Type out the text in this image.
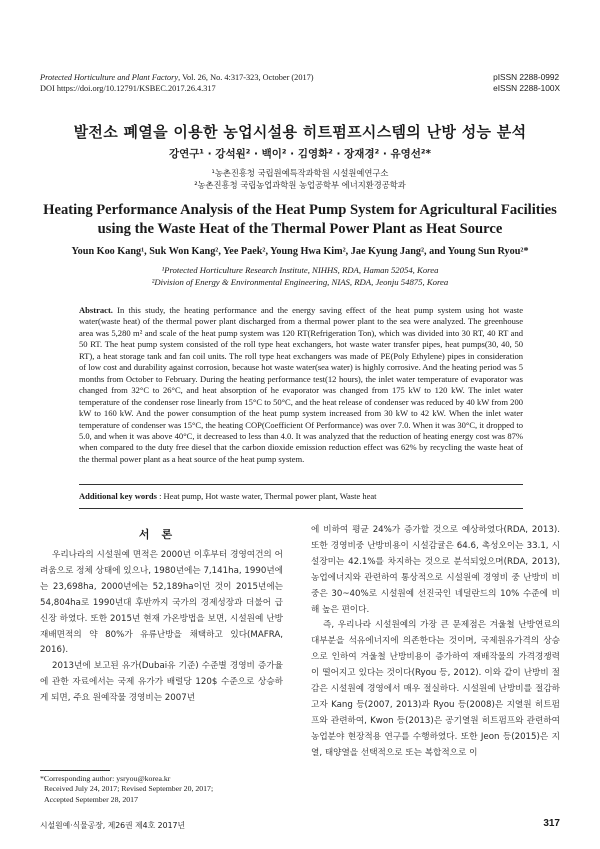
Protected Horticulture and Plant Factory, Vol. 26, No. 4:317-323, October (2017)
DOI https://doi.org/10.12791/KSBEC.2017.26.4.317
pISSN 2288-0992
eISSN 2288-100X
발전소 폐열을 이용한 농업시설용 히트펌프시스템의 난방 성능 분석
강연구¹ · 강석원² · 백이² · 김영화² · 장재경² · 유영선²*
¹농촌진흥청 국립원예특작과학원 시설원예연구소
²농촌진흥청 국립농업과학원 농업공학부 에너지환경공학과
Heating Performance Analysis of the Heat Pump System for Agricultural Facilities using the Waste Heat of the Thermal Power Plant as Heat Source
Youn Koo Kang¹, Suk Won Kang², Yee Paek², Young Hwa Kim², Jae Kyung Jang², and Young Sun Ryou²*
¹Protected Horticulture Research Institute, NIHHS, RDA, Haman 52054, Korea
²Division of Energy & Environmental Engineering, NIAS, RDA, Jeonju 54875, Korea
Abstract. In this study, the heating performance and the energy saving effect of the heat pump system using hot waste water(waste heat) of the thermal power plant discharged from a thermal power plant to the sea were analyzed. The greenhouse area was 5,280 m² and scale of the heat pump system was 120 RT(Refrigeration Ton), which was divided into 30 RT, 40 RT and 50 RT. The heat pump system consisted of the roll type heat exchangers, hot waste water transfer pipes, heat pumps(30, 40, 50 RT), a heat storage tank and fan coil units. The roll type heat exchangers was made of PE(Poly Ethylene) pipes in consideration of low cost and durability against corrosion, because hot waste water(sea water) is highly corrosive. And the heating period was 5 months from October to February. During the heating performance test(12 hours), the inlet water temperature of evaporator was changed from 32°C to 26°C, and heat absorption of he evaporator was changed from 175 kW to 120 kW. The inlet water temperature of the condenser rose linearly from 15°C to 50°C, and the heat release of condenser was reduced by 40 kW from 200 kW to 160 kW. And the power consumption of the heat pump system increased from 30 kW to 42 kW. When the inlet water temperature of condenser was 15°C, the heating COP(Coefficient Of Performance) was over 7.0. When it was 30°C, it dropped to 5.0, and when it was above 40°C, it decreased to less than 4.0. It was analyzed that the reduction of heating energy cost was 87% when compared to the duty free diesel that the carbon dioxide emission reduction effect was 62% by recycling the waste heat of the thermal power plant as a heat source of the heat pump system.
Additional key words : Heat pump, Hot waste water, Thermal power plant, Waste heat
서론

우리나라의 시설원예 면적은 2000년 이후부터 경영여건의 어려움으로 정체 상태에 있으나, 1980년에는 7,141ha, 1990년에는 23,698ha, 2000년에는 52,189ha이던 것이 2015년에는 54,804ha로 1990년대 후반까지 국가의 경제성장과 더불어 급신장 하였다. 또한 2015년 현재 가온방법을 보면, 시설원예 난방 재배면적의 약 80%가 유류난방을 채택하고 있다(MAFRA, 2016).

2013년에 보고된 유가(Dubai유 기준) 수준별 경영비 증가율에 관한 자료에서는 국제 유가가 배럴당 120$ 수준으로 상승하게 되면, 주요 원예작물 경영비는 2007년

에 비하여 평균 24%가 증가할 것으로 예상하였다(RDA, 2013). 또한 경영비중 난방비용이 시설감귤은 64.6, 촉성오이는 33.1, 시설장미는 42.1%를 차지하는 것으로 분석되었으며(RDA, 2013), 농업에너지와 관련하여 통상적으로 시설원예 경영비 중 난방비 비중은 30~40%로 시설원예 선진국인 네덜란드의 10% 수준에 비해 높은 편이다.

즉, 우리나라 시설원예의 가장 큰 문제점은 겨울철 난방연료의 대부분을 석유에너지에 의존한다는 것이며, 국제원유가격의 상승으로 인하여 겨울철 난방비용이 증가하여 재배작물의 가격경쟁력이 떨어지고 있다는 것이다(Ryou 등, 2012). 이와 같이 난방비 절감은 시설원예 경영에서 매우 절실하다. 시설원예 난방비를 절감하고자 Kang 등(2007, 2013)과 Ryou 등(2008)은 지열원 히트펌프와 관련하여, Kwon 등(2013)은 공기열원 히트펌프와 관련하여 농업분야 현장적용 연구를 수행하였다. 또한 Jeon 등(2015)은 지열, 태양열을 선택적으로 또는 복합적으로 이

*Corresponding author: ysryou@korea.kr
Received July 24, 2017; Revised September 20, 2017;
Accepted September 28, 2017
시설원예·식물공장, 제26권 제4호 2017년	317
